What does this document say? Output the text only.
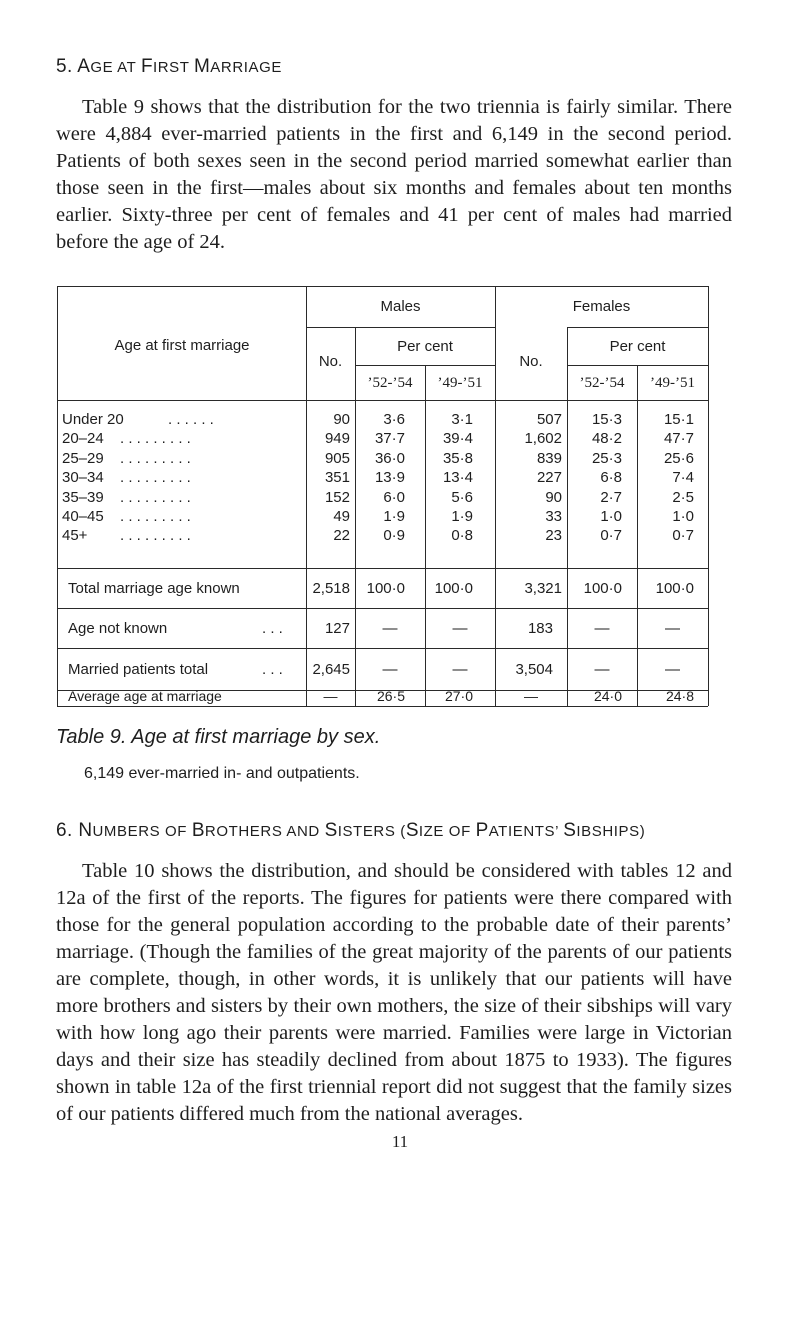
5. AGE AT FIRST MARRIAGE

Table 9 shows that the distribution for the two triennia is fairly similar. There were 4,884 ever-married patients in the first and 6,149 in the second period. Patients of both sexes seen in the second period married somewhat earlier than those seen in the first—males about six months and females about ten months earlier. Sixty-three per cent of females and 41 per cent of males had married before the age of 24.

Age at first marriage
Males	Females
No.
Per cent
No.
Per cent
’52-’54	’49-’51	’52-’54	’49-’51
Under 20	. . . . . .	90	3·6	3·1	507	15·3	15·1
20–24 . . . . . . . . .	949	37·7	39·4	1,602	48·2	47·7
25–29 . . . . . . . . .	905	36·0	35·8	839	25·3	25·6
30–34 . . . . . . . . .	351	13·9	13·4	227	6·8	7·4
35–39 . . . . . . . . .	152	6·0	5·6	90	2·7	2·5
40–45 . . . . . . . . .	49	1·9	1·9	33	1·0	1·0
45+ . . . . . . . . .	22	0·9	0·8	23	0·7	0·7
Total marriage age known	2,518	100·0	100·0	3,321	100·0	100·0
Age not known	. . .	127	—	—	183	—	—
Married patients total	. . .	2,645	—	—	3,504	—	—
Average age at marriage	—	26·5	27·0	—	24·0	24·8
Table 9. Age at first marriage by sex.
6,149 ever-married in- and outpatients.
6. NUMBERS OF BROTHERS AND SISTERS (SIZE OF PATIENTS’ SIBSHIPS)

Table 10 shows the distribution, and should be considered with tables 12 and 12a of the first of the reports. The figures for patients were there compared with those for the general population according to the probable date of their parents’ marriage. (Though the families of the great majority of the parents of our patients are complete, though, in other words, it is unlikely that our patients will have more brothers and sisters by their own mothers, the size of their sibships will vary with how long ago their parents were married. Families were large in Victorian days and their size has steadily declined from about 1875 to 1933). The figures shown in table 12a of the first triennial report did not suggest that the family sizes of our patients differed much from the national averages.

11
